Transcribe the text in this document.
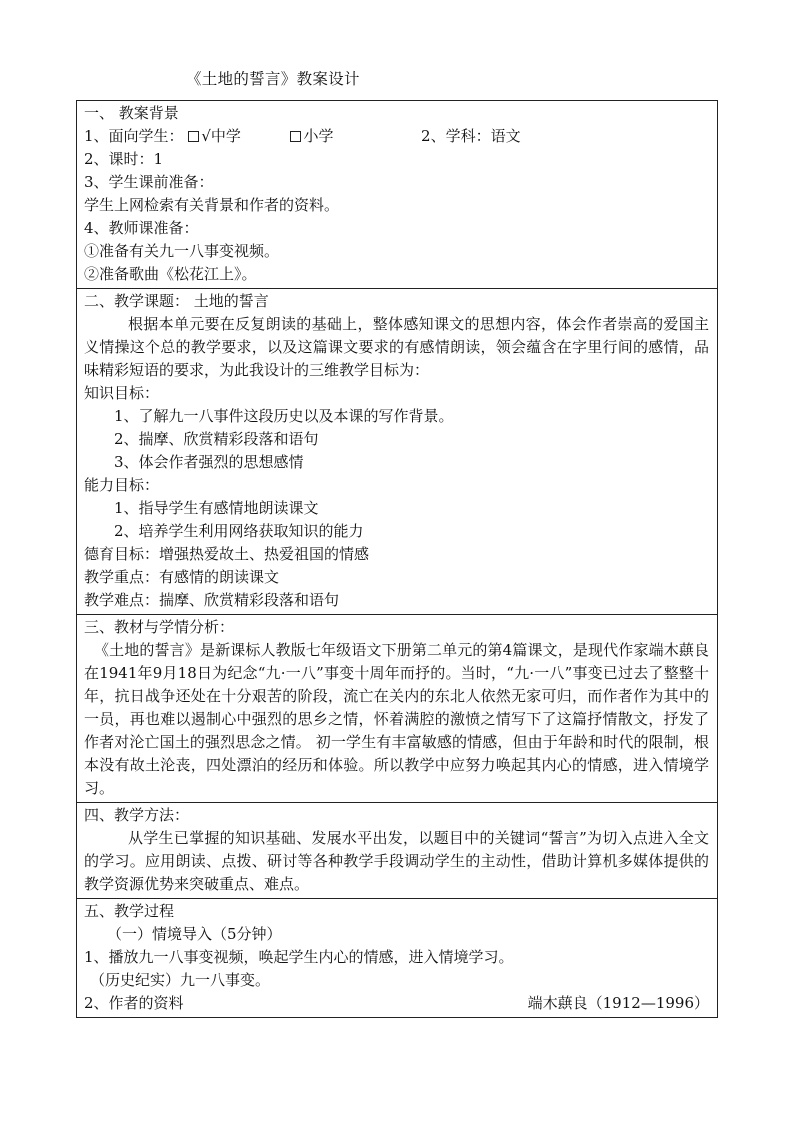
《土地的誓言》教案设计
一、 教案背景
1、面向学生： √中学	小学	2、学科：语文
2、课时：1
3、学生课前准备：
学生上网检索有关背景和作者的资料。
4、教师课准备：
①准备有关九一八事变视频。
②准备歌曲《松花江上》。
二、教学课题： 土地的誓言
根据本单元要在反复朗读的基础上，整体感知课文的思想内容，体会作者崇高的爱国主义情操这个总的教学要求，以及这篇课文要求的有感情朗读，领会蕴含在字里行间的感情，品味精彩短语的要求，为此我设计的三维教学目标为：
知识目标：
1、了解九一八事件这段历史以及本课的写作背景。
2、揣摩、欣赏精彩段落和语句
3、体会作者强烈的思想感情
能力目标：
1、指导学生有感情地朗读课文
2、培养学生利用网络获取知识的能力
德育目标：增强热爱故土、热爱祖国的情感
教学重点：有感情的朗读课文
教学难点：揣摩、欣赏精彩段落和语句
三、教材与学情分析：
《土地的誓言》是新课标人教版七年级语文下册第二单元的第4篇课文，是现代作家端木蕻良在1941年9月18日为纪念“九·一八”事变十周年而抒的。当时，“九·一八”事变已过去了整整十年，抗日战争还处在十分艰苦的阶段，流亡在关内的东北人依然无家可归，而作者作为其中的一员，再也难以遏制心中强烈的思乡之情，怀着满腔的激愤之情写下了这篇抒情散文，抒发了作者对沦亡国土的强烈思念之情。 初一学生有丰富敏感的情感，但由于年龄和时代的限制，根本没有故土沦丧，四处漂泊的经历和体验。所以教学中应努力唤起其内心的情感，进入情境学习。
四、教学方法：
从学生已掌握的知识基础、发展水平出发，以题目中的关键词“誓言”为切入点进入全文的学习。应用朗读、点拨、研讨等各种教学手段调动学生的主动性，借助计算机多媒体提供的教学资源优势来突破重点、难点。
五、教学过程
（一）情境导入（5分钟）
1、播放九一八事变视频，唤起学生内心的情感，进入情境学习。
（历史纪实）九一八事变。
2、作者的资料	端木蕻良（1912—1996）
